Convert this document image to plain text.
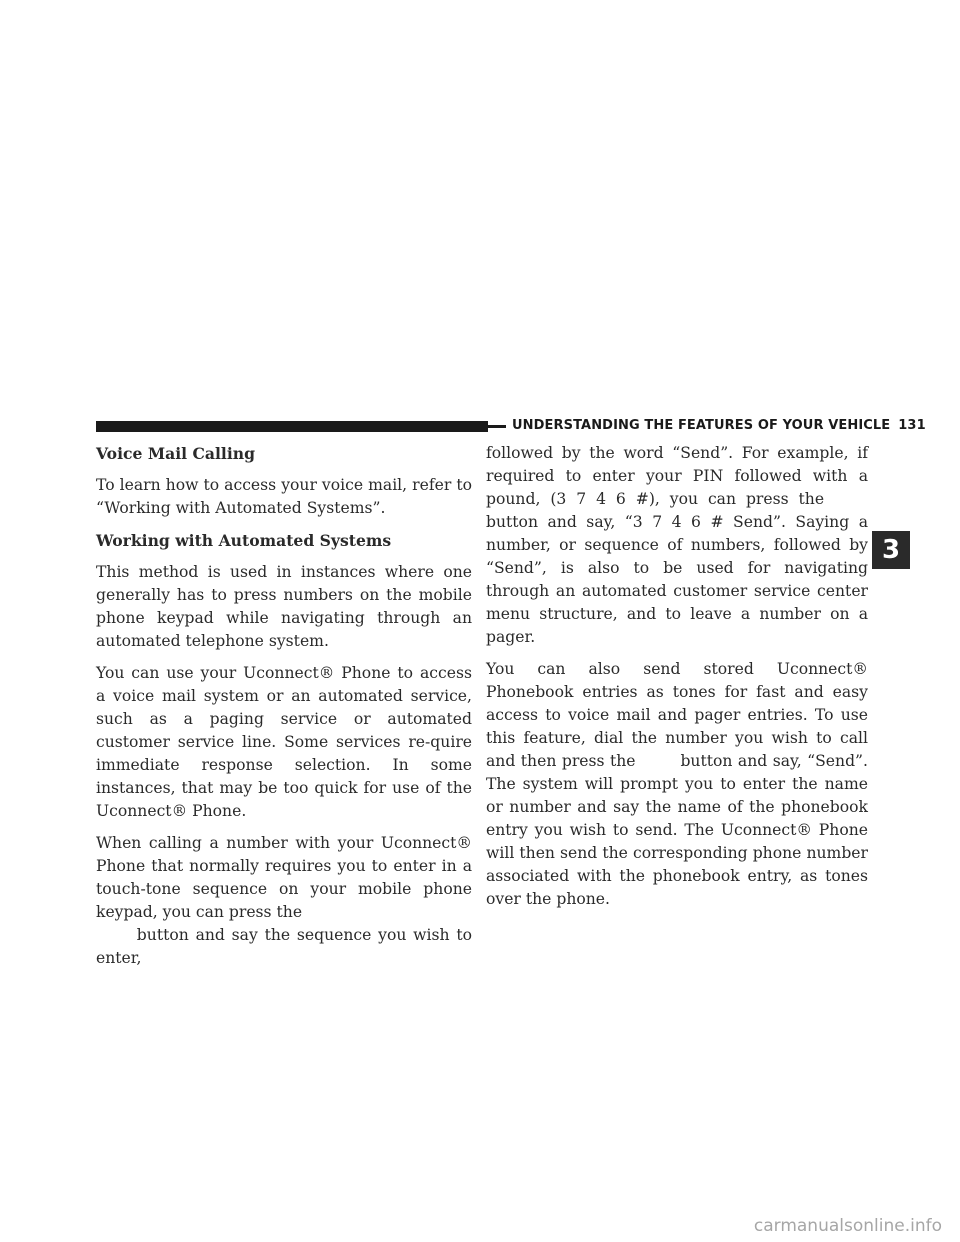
UNDERSTANDING THE FEATURES OF YOUR VEHICLE 131
Voice Mail Calling

To learn how to access your voice mail, refer to “Working with Automated Systems”.

Working with Automated Systems

This method is used in instances where one generally has to press numbers on the mobile phone keypad while navigating through an automated telephone system.

You can use your Uconnect® Phone to access a voice mail system or an automated service, such as a paging service or automated customer service line. Some services re-quire immediate response selection. In some instances, that may be too quick for use of the Uconnect® Phone.

When calling a number with your Uconnect® Phone that normally requires you to enter in a touch-tone sequence on your mobile phone keypad, you can press the
button and say the sequence you wish to enter,

followed by the word “Send”. For example, if required to enter your PIN followed with a pound, (3 7 4 6 #), you can press the  button and say, “3 7 4 6 # Send”. Saying a number, or sequence of numbers, followed by “Send”, is also to be used for navigating through an automated customer service center menu structure, and to leave a number on a pager.

You can also send stored Uconnect® Phonebook entries as tones for fast and easy access to voice mail and pager entries. To use this feature, dial the number you wish to call and then press the	button and say, “Send”. The system will prompt you to enter the name or number and say the name of the phonebook entry you wish to send. The Uconnect® Phone will then send the corresponding phone number associated with the phonebook entry, as tones over the phone.

3
carmanualsonline.info
